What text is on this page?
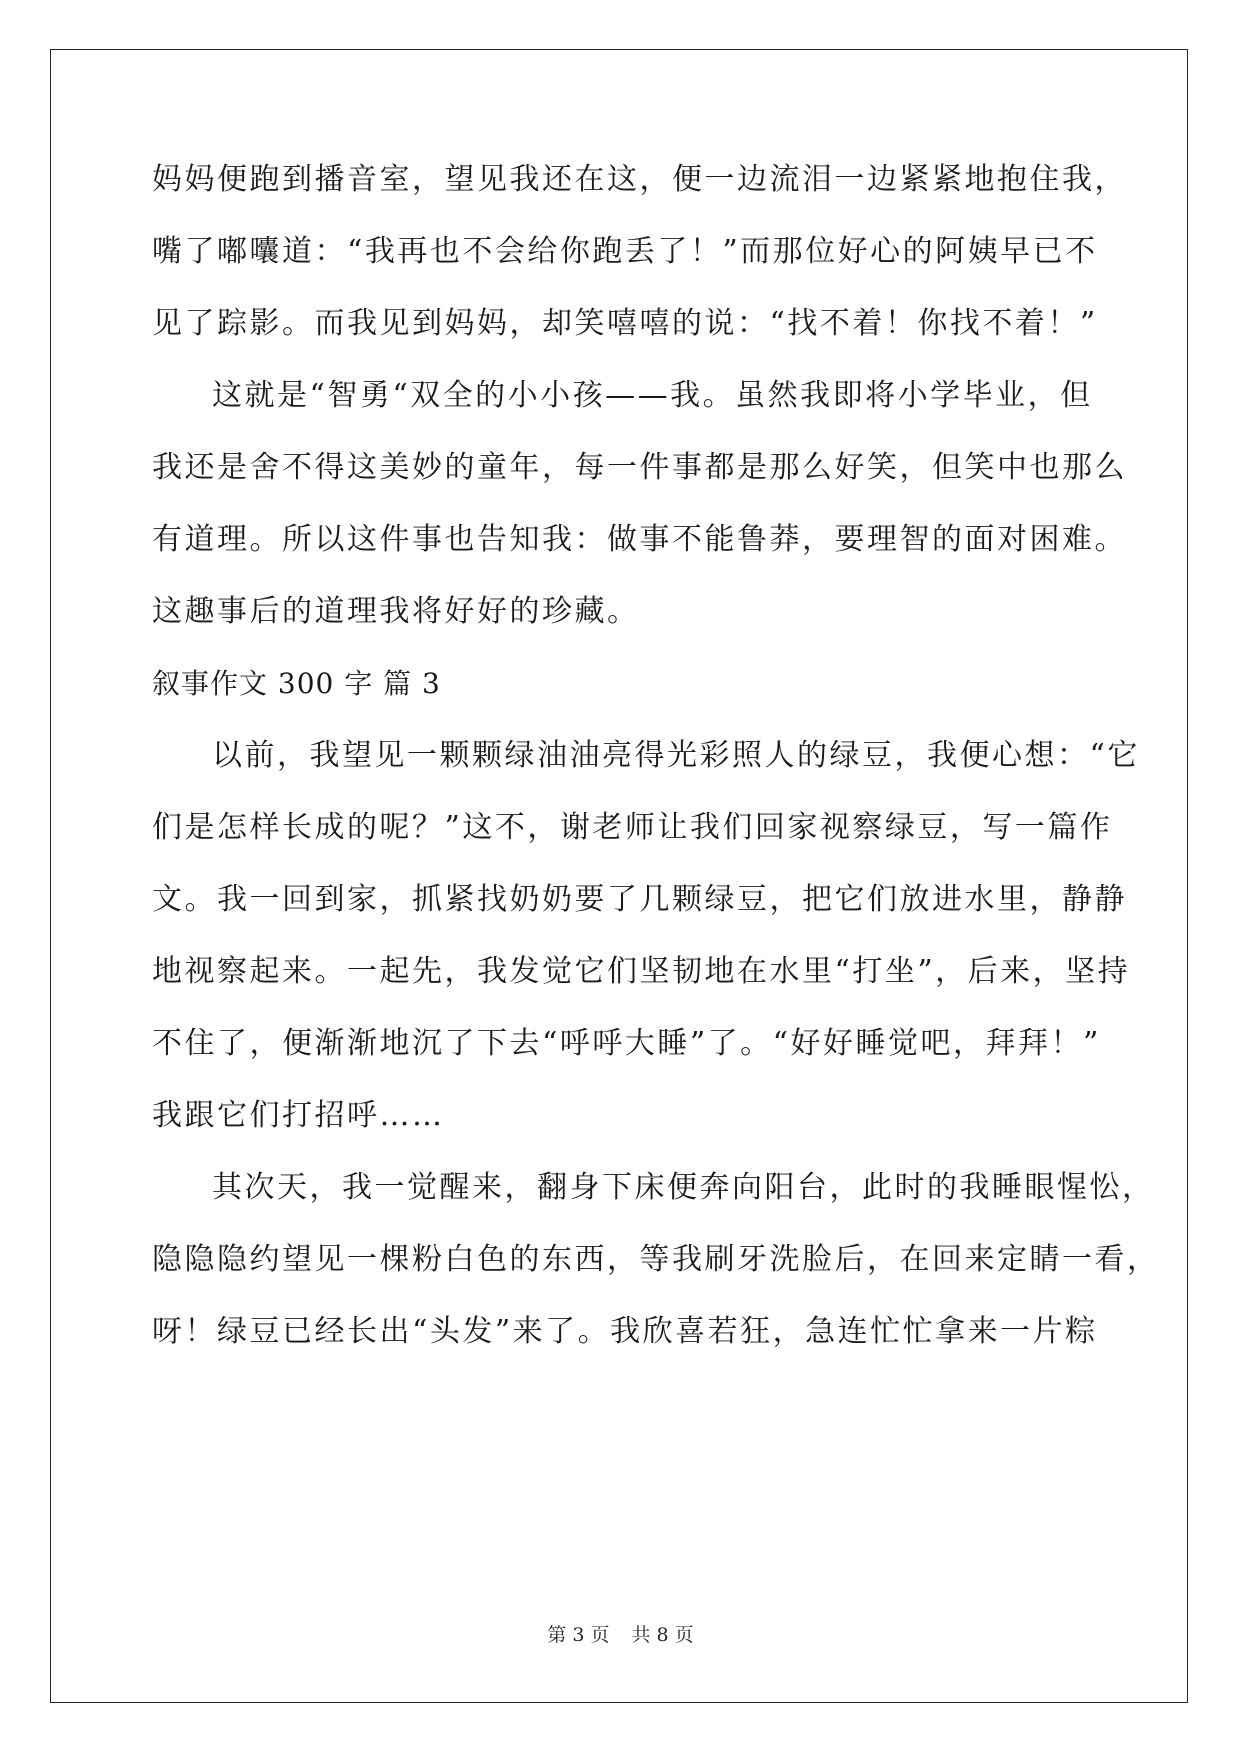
妈妈便跑到播音室，望见我还在这，便一边流泪一边紧紧地抱住我，
嘴了嘟囔道：“我再也不会给你跑丢了！”而那位好心的阿姨早已不
见了踪影。而我见到妈妈，却笑嘻嘻的说：“找不着！你找不着！”
这就是“智勇“双全的小小孩——我。虽然我即将小学毕业，但
我还是舍不得这美妙的童年，每一件事都是那么好笑，但笑中也那么
有道理。所以这件事也告知我：做事不能鲁莽，要理智的面对困难。
这趣事后的道理我将好好的珍藏。
叙事作文 300 字 篇 3
以前，我望见一颗颗绿油油亮得光彩照人的绿豆，我便心想：“它
们是怎样长成的呢？”这不，谢老师让我们回家视察绿豆，写一篇作
文。我一回到家，抓紧找奶奶要了几颗绿豆，把它们放进水里，静静
地视察起来。一起先，我发觉它们坚韧地在水里“打坐”，后来，坚持
不住了，便渐渐地沉了下去“呼呼大睡”了。“好好睡觉吧，拜拜！”
我跟它们打招呼……
其次天，我一觉醒来，翻身下床便奔向阳台，此时的我睡眼惺忪，
隐隐隐约望见一棵粉白色的东西，等我刷牙洗脸后，在回来定睛一看，
呀！绿豆已经长出“头发”来了。我欣喜若狂，急连忙忙拿来一片粽
第 3 页 共 8 页
